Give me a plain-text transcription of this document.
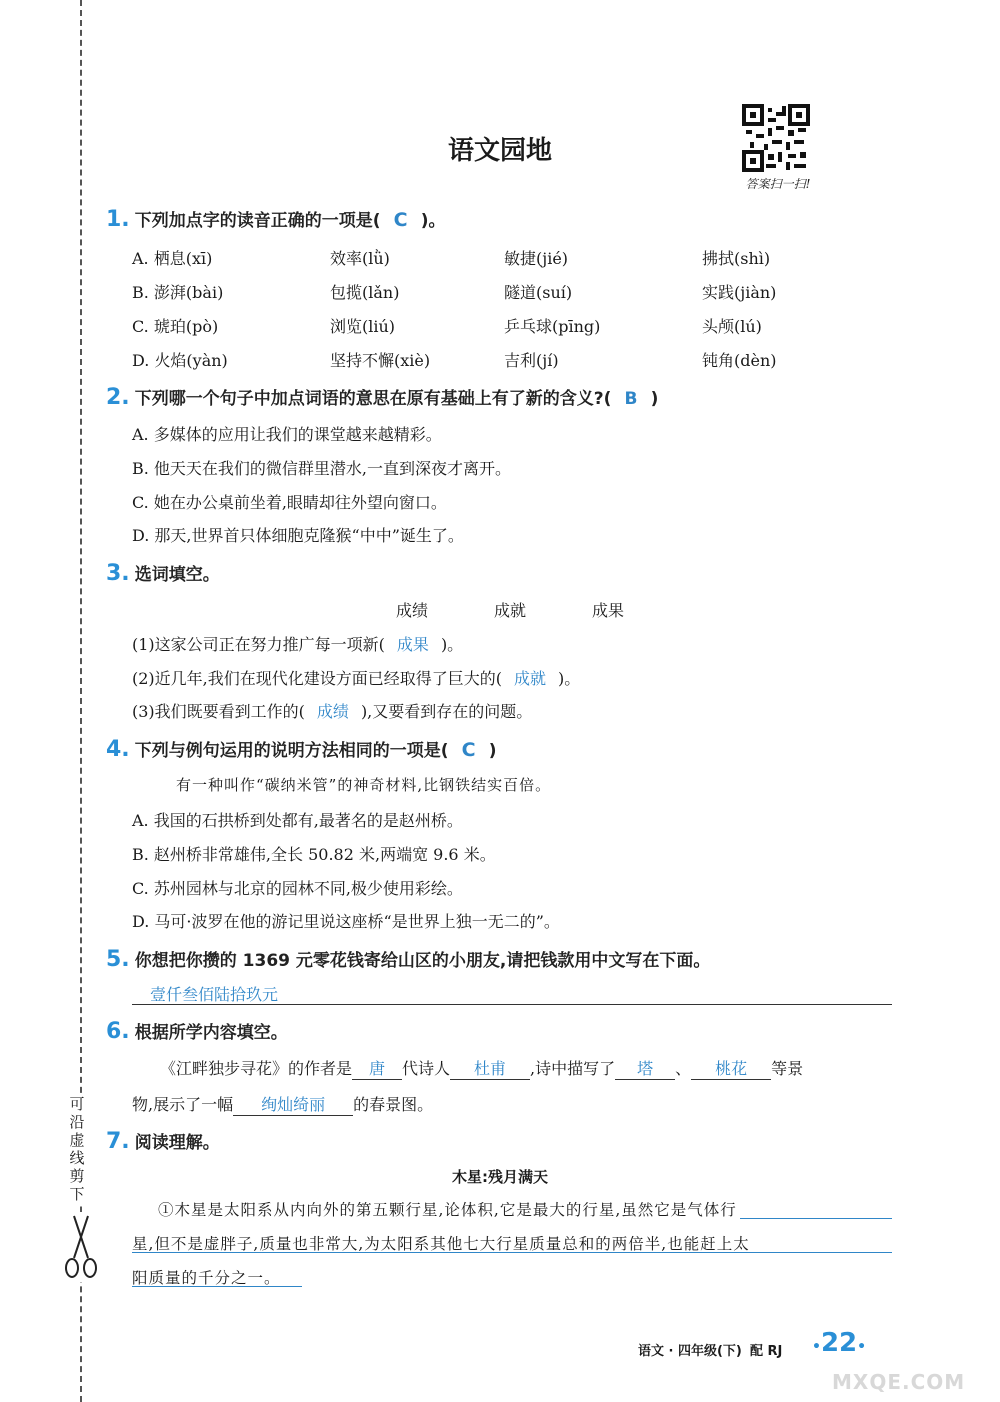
可
沿
虚
线
剪
下
语文园地
答案扫一扫!
1. 下列加点字的读音正确的一项是( C )。
A. 栖息(xī)	效率(lǜ)	敏捷(jié)	拂拭(shì)
B. 澎湃(bài)	包揽(lǎn)	隧道(suí)	实践(jiàn)
C. 琥珀(pò)	浏览(liú)	乒乓球(pīng)	头颅(lú)
D. 火焰(yàn)	坚持不懈(xiè)	吉利(jí)	钝角(dèn)
2. 下列哪一个句子中加点词语的意思在原有基础上有了新的含义?( B )
A. 多媒体的应用让我们的课堂越来越精彩。
B. 他天天在我们的微信群里潜水,一直到深夜才离开。
C. 她在办公桌前坐着,眼睛却往外望向窗口。
D. 那天,世界首只体细胞克隆猴“中中”诞生了。
3. 选词填空。
成绩	成就	成果
(1)这家公司正在努力推广每一项新( 成果 )。
(2)近几年,我们在现代化建设方面已经取得了巨大的( 成就 )。
(3)我们既要看到工作的( 成绩 ),又要看到存在的问题。
4. 下列与例句运用的说明方法相同的一项是( C )
有一种叫作“碳纳米管”的神奇材料,比钢铁结实百倍。
A. 我国的石拱桥到处都有,最著名的是赵州桥。
B. 赵州桥非常雄伟,全长 50.82 米,两端宽 9.6 米。
C. 苏州园林与北京的园林不同,极少使用彩绘。
D. 马可·波罗在他的游记里说这座桥“是世界上独一无二的”。
5. 你想把你攒的 1369 元零花钱寄给山区的小朋友,请把钱款用中文写在下面。
壹仟叁佰陆拾玖元
6. 根据所学内容填空。
《江畔独步寻花》的作者是 唐 代诗人 杜甫 ,诗中描写了 塔 、 桃花 等景
物,展示了一幅 绚灿绮丽 的春景图。
7. 阅读理解。
木星:残月满天
①木星是太阳系从内向外的第五颗行星,论体积,它是最大的行星,虽然它是气体行
星,但不是虚胖子,质量也非常大,为太阳系其他七大行星质量总和的两倍半,也能赶上太
阳质量的千分之一。
语文 · 四年级(下) 配 RJ •22•
MXQE.COM
